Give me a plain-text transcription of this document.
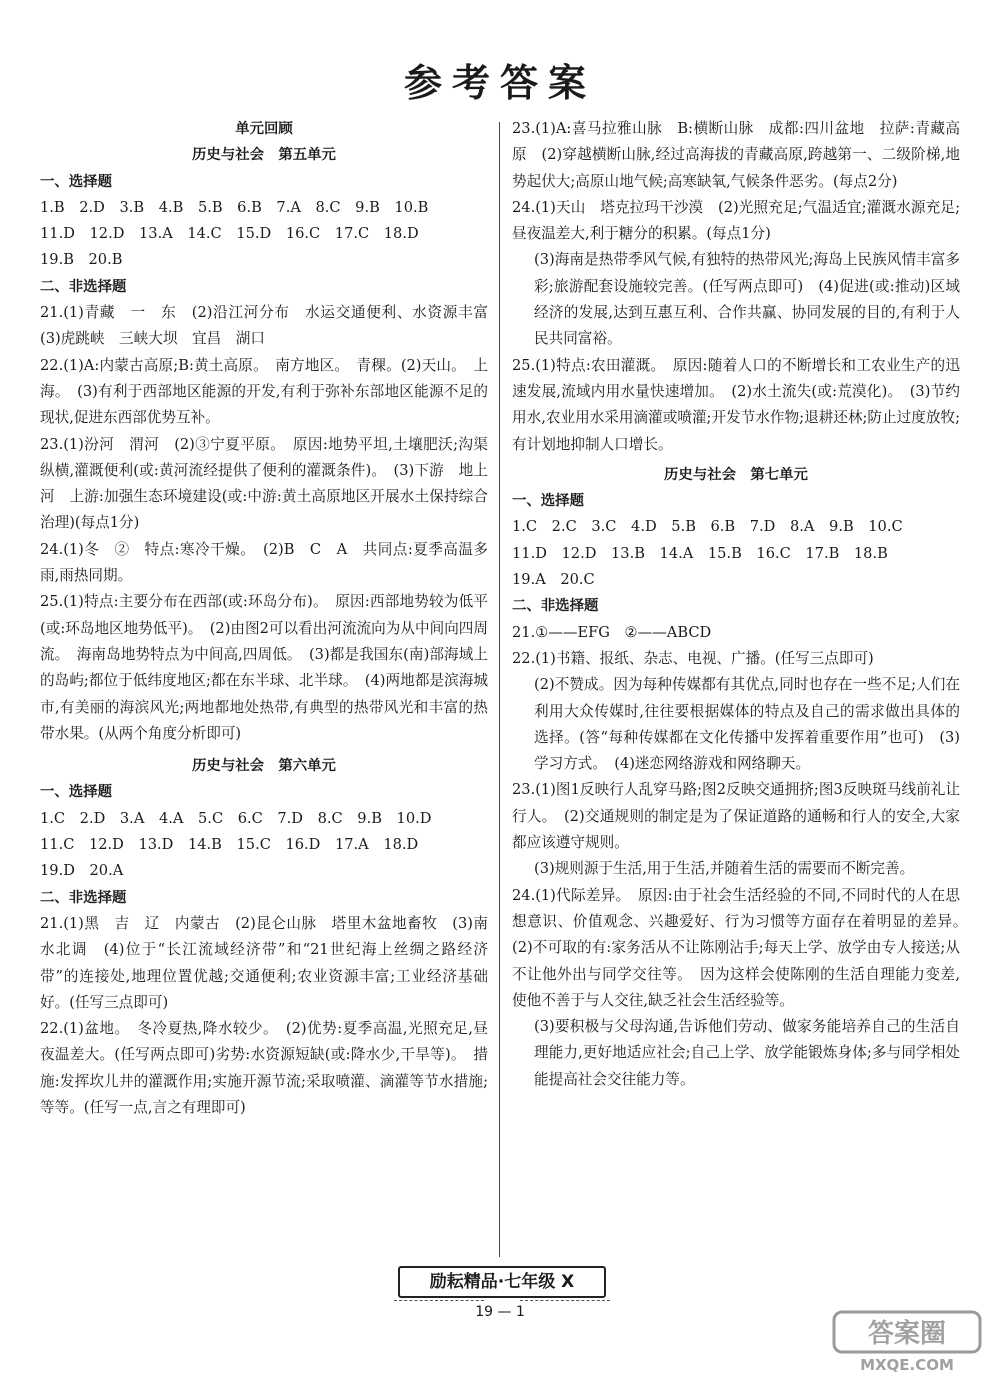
参考答案
单元回顾
历史与社会　第五单元
一、选择题
1.B　2.D　3.B　4.B　5.B　6.B　7.A　8.C　9.B　10.B
11.D　12.D　13.A　14.C　15.D　16.C　17.C　18.D
19.B　20.B
二、非选择题
21.(1)青藏　一　东　(2)沿江河分布　水运交通便利、水资源丰富　(3)虎跳峡　三峡大坝　宜昌　湖口
22.(1)A:内蒙古高原;B:黄土高原。　南方地区。　青稞。(2)天山。　上海。　(3)有利于西部地区能源的开发,有利于弥补东部地区能源不足的现状,促进东西部优势互补。
23.(1)汾河　渭河　(2)③宁夏平原。　原因:地势平坦,土壤肥沃;沟渠纵横,灌溉便利(或:黄河流经提供了便利的灌溉条件)。　(3)下游　地上河　上游:加强生态环境建设(或:中游:黄土高原地区开展水土保持综合治理)(每点1分)
24.(1)冬　②　特点:寒冷干燥。　(2)B　C　A　共同点:夏季高温多雨,雨热同期。
25.(1)特点:主要分布在西部(或:环岛分布)。　原因:西部地势较为低平(或:环岛地区地势低平)。　(2)由图2可以看出河流流向为从中间向四周流。　海南岛地势特点为中间高,四周低。　(3)都是我国东(南)部海域上的岛屿;都位于低纬度地区;都在东半球、北半球。　(4)两地都是滨海城市,有美丽的海滨风光;两地都地处热带,有典型的热带风光和丰富的热带水果。(从两个角度分析即可)
历史与社会　第六单元
一、选择题
1.C　2.D　3.A　4.A　5.C　6.C　7.D　8.C　9.B　10.D
11.C　12.D　13.D　14.B　15.C　16.D　17.A　18.D
19.D　20.A
二、非选择题
21.(1)黑　吉　辽　内蒙古　(2)昆仑山脉　塔里木盆地畜牧　(3)南水北调　(4)位于“长江流域经济带”和“21世纪海上丝绸之路经济带”的连接处,地理位置优越;交通便利;农业资源丰富;工业经济基础好。(任写三点即可)
22.(1)盆地。　冬冷夏热,降水较少。　(2)优势:夏季高温,光照充足,昼夜温差大。(任写两点即可)劣势:水资源短缺(或:降水少,干旱等)。　措施:发挥坎儿井的灌溉作用;实施开源节流;采取喷灌、滴灌等节水措施;等等。(任写一点,言之有理即可)
23.(1)A:喜马拉雅山脉　B:横断山脉　成都:四川盆地　拉萨:青藏高原　(2)穿越横断山脉,经过高海拔的青藏高原,跨越第一、二级阶梯,地势起伏大;高原山地气候;高寒缺氧,气候条件恶劣。(每点2分)
24.(1)天山　塔克拉玛干沙漠　(2)光照充足;气温适宜;灌溉水源充足;昼夜温差大,利于糖分的积累。(每点1分)
(3)海南是热带季风气候,有独特的热带风光;海岛上民族风情丰富多彩;旅游配套设施较完善。(任写两点即可)　(4)促进(或:推动)区域经济的发展,达到互惠互利、合作共赢、协同发展的目的,有利于人民共同富裕。
25.(1)特点:农田灌溉。　原因:随着人口的不断增长和工农业生产的迅速发展,流域内用水量快速增加。　(2)水土流失(或:荒漠化)。　(3)节约用水,农业用水采用滴灌或喷灌;开发节水作物;退耕还林;防止过度放牧;有计划地抑制人口增长。
历史与社会　第七单元
一、选择题
1.C　2.C　3.C　4.D　5.B　6.B　7.D　8.A　9.B　10.C
11.D　12.D　13.B　14.A　15.B　16.C　17.B　18.B
19.A　20.C
二、非选择题
21.①——EFG　②——ABCD
22.(1)书籍、报纸、杂志、电视、广播。(任写三点即可)
(2)不赞成。因为每种传媒都有其优点,同时也存在一些不足;人们在利用大众传媒时,往往要根据媒体的特点及自己的需求做出具体的选择。(答“每种传媒都在文化传播中发挥着重要作用”也可)　(3)学习方式。　(4)迷恋网络游戏和网络聊天。
23.(1)图1反映行人乱穿马路;图2反映交通拥挤;图3反映斑马线前礼让行人。　(2)交通规则的制定是为了保证道路的通畅和行人的安全,大家都应该遵守规则。
(3)规则源于生活,用于生活,并随着生活的需要而不断完善。
24.(1)代际差异。　原因:由于社会生活经验的不同,不同时代的人在思想意识、价值观念、兴趣爱好、行为习惯等方面存在着明显的差异。　(2)不可取的有:家务活从不让陈刚沾手;每天上学、放学由专人接送;从不让他外出与同学交往等。　因为这样会使陈刚的生活自理能力变差,使他不善于与人交往,缺乏社会生活经验等。
(3)要积极与父母沟通,告诉他们劳动、做家务能培养自己的生活自理能力,更好地适应社会;自己上学、放学能锻炼身体;多与同学相处能提高社会交往能力等。
励耘精品·七年级 X
19 — 1
答案圈
MXQE.COM
